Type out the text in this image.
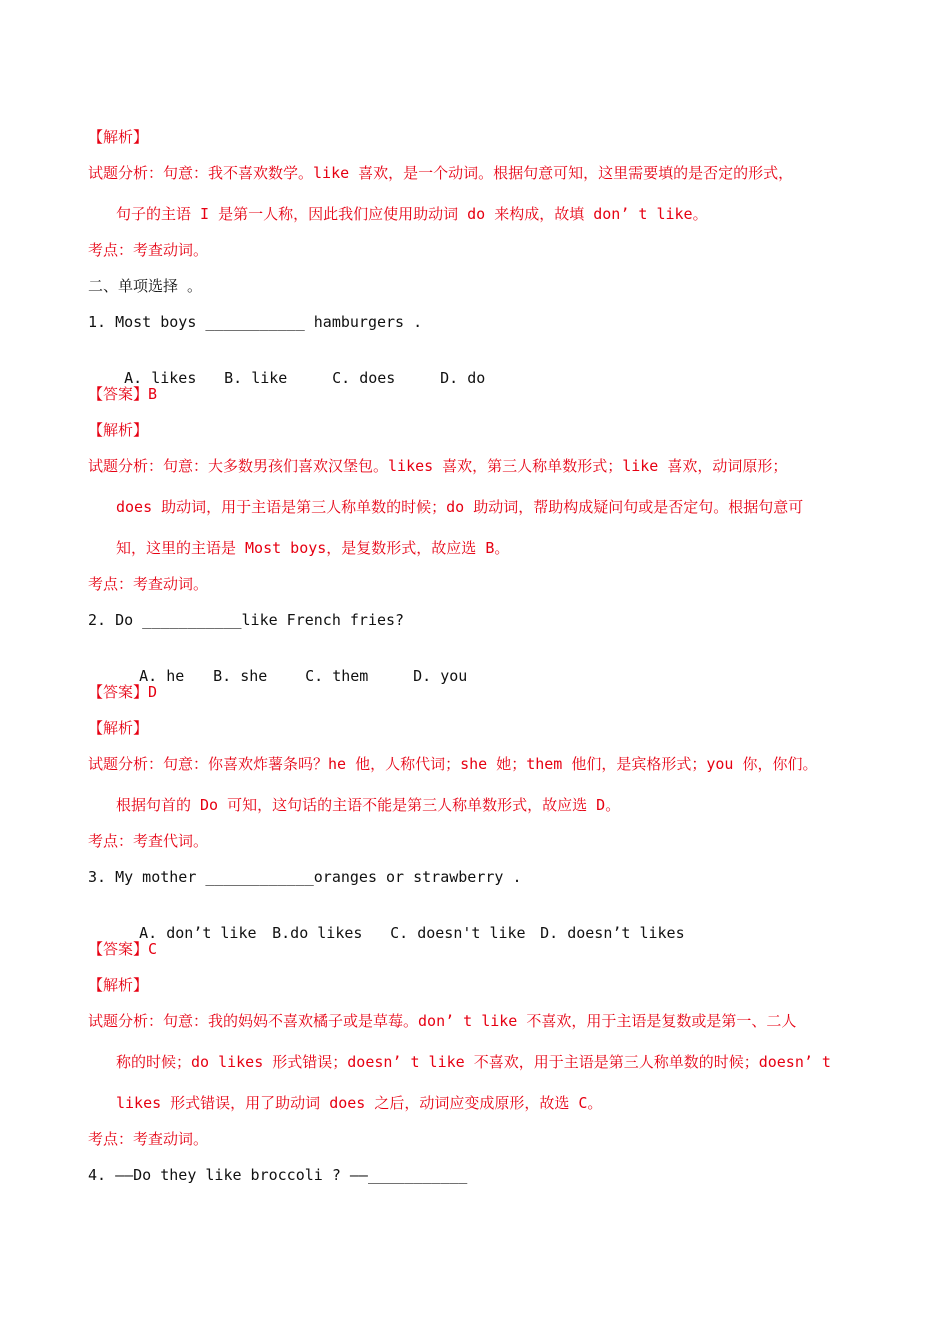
【解析】
试题分析：句意：我不喜欢数学。like 喜欢，是一个动词。根据句意可知，这里需要填的是否定的形式，
句子的主语 I 是第一人称，因此我们应使用助动词 do 来构成，故填 don’ t like。
考点：考查动词。
二、单项选择 。
1. Most boys ___________ hamburgers .

A. likes B. like	C. does	D. do

【答案】B
【解析】
试题分析：句意：大多数男孩们喜欢汉堡包。likes 喜欢，第三人称单数形式；like 喜欢，动词原形；
does 助动词，用于主语是第三人称单数的时候；do 助动词，帮助构成疑问句或是否定句。根据句意可
知，这里的主语是 Most boys，是复数形式，故应选 B。
考点：考查动词。
2. Do ___________like French fries?

A. he B. she	C. them	D. you

【答案】D
【解析】
试题分析：句意：你喜欢炸薯条吗？he 他，人称代词；she 她；them 他们，是宾格形式；you 你，你们。
根据句首的 Do 可知，这句话的主语不能是第三人称单数形式，故应选 D。
考点：考查代词。
3. My mother ____________oranges or strawberry .

A. don’t like B.do likes C. doesn't like D. doesn’t likes

【答案】C
【解析】
试题分析：句意：我的妈妈不喜欢橘子或是草莓。don’ t like 不喜欢，用于主语是复数或是第一、二人
称的时候；do likes 形式错误；doesn’ t like 不喜欢，用于主语是第三人称单数的时候；doesn’ t
likes 形式错误，用了助动词 does 之后，动词应变成原形，故选 C。
考点：考查动词。
4. ——Do they like broccoli ? ——___________
